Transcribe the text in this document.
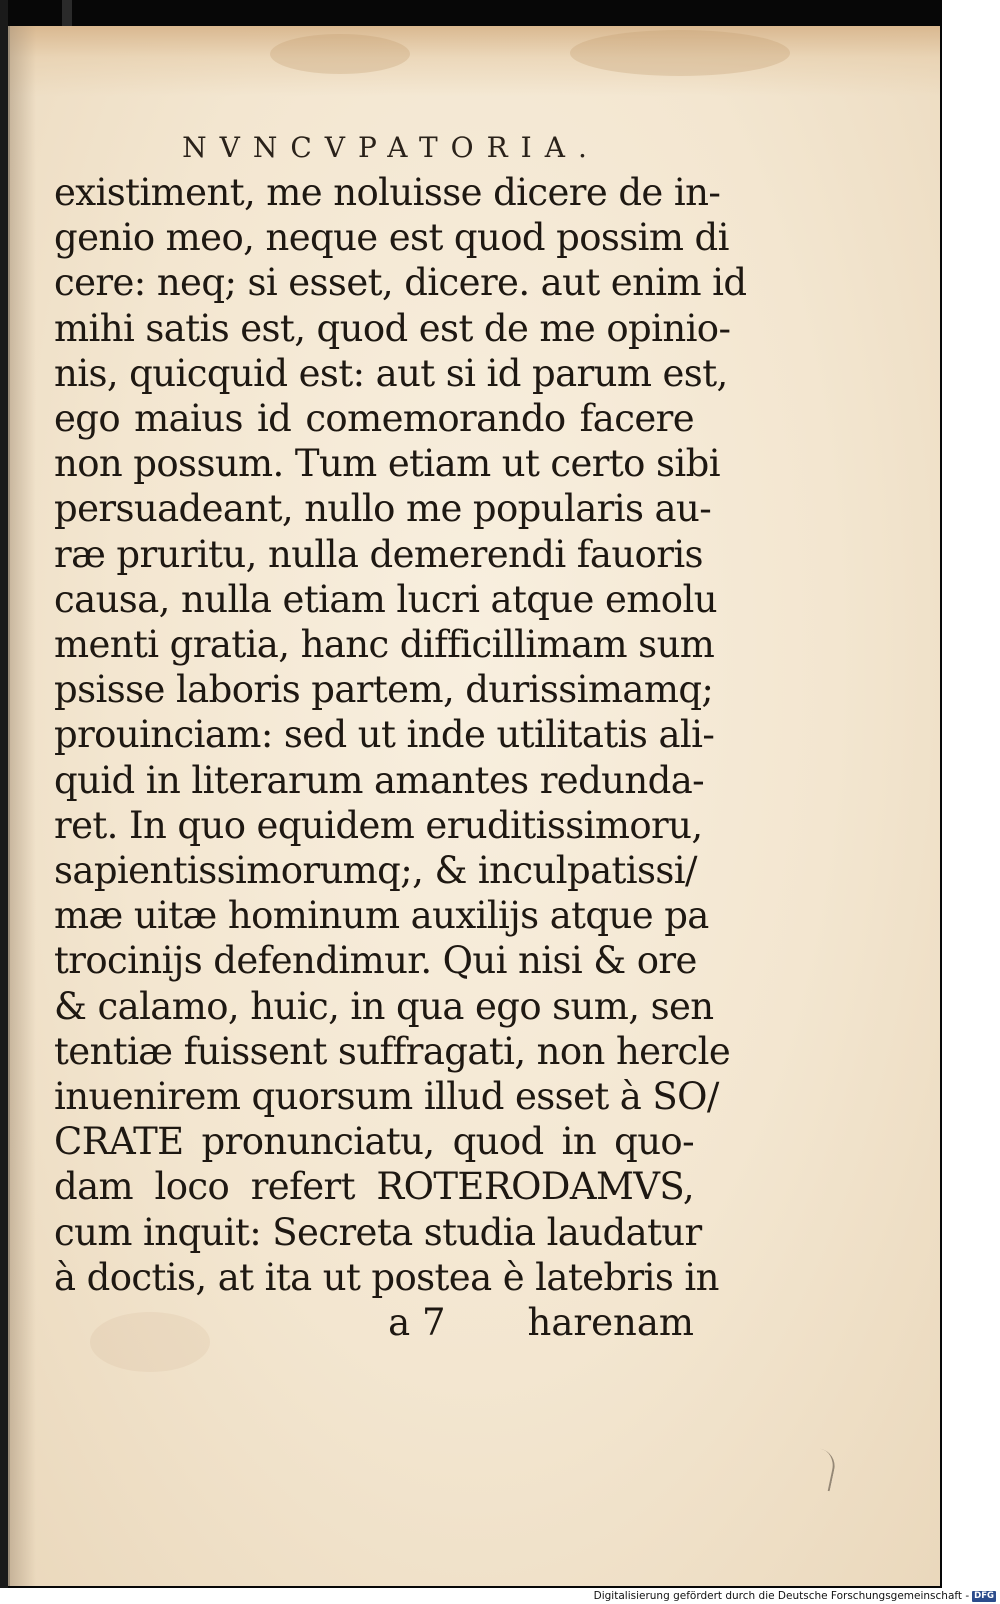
NVNCVPATORIA.
existiment, me noluisse dicere de in-
genio meo, neque est quod possim di
cere: neq; si esset, dicere. aut enim id
mihi satis est, quod est de me opinio-
nis, quicquid est: aut si id parum est,
ego maius id comemorando facere
non possum. Tum etiam ut certo sibi
persuadeant, nullo me popularis au-
ræ pruritu, nulla demerendi fauoris
causa, nulla etiam lucri atque emolu
menti gratia, hanc difficillimam sum
psisse laboris partem, durissimamq;
prouinciam: sed ut inde utilitatis ali-
quid in literarum amantes redunda-
ret. In quo equidem eruditissimoru,
sapientissimorumq;, & inculpatissi/
mæ uitæ hominum auxilijs atque pa
trocinijs defendimur. Qui nisi & ore
& calamo, huic, in qua ego sum, sen
tentiæ fuissent suffragati, non hercle
inuenirem quorsum illud esset à SO/
CRATE pronunciatu, quod in quo-
dam loco refert ROTERODAMVS,
cum inquit: Secreta studia laudatur
à doctis, at ita ut postea è latebris in
a 7 harenam
Digitalisierung gefördert durch die Deutsche Forschungsgemeinschaft - DFG
